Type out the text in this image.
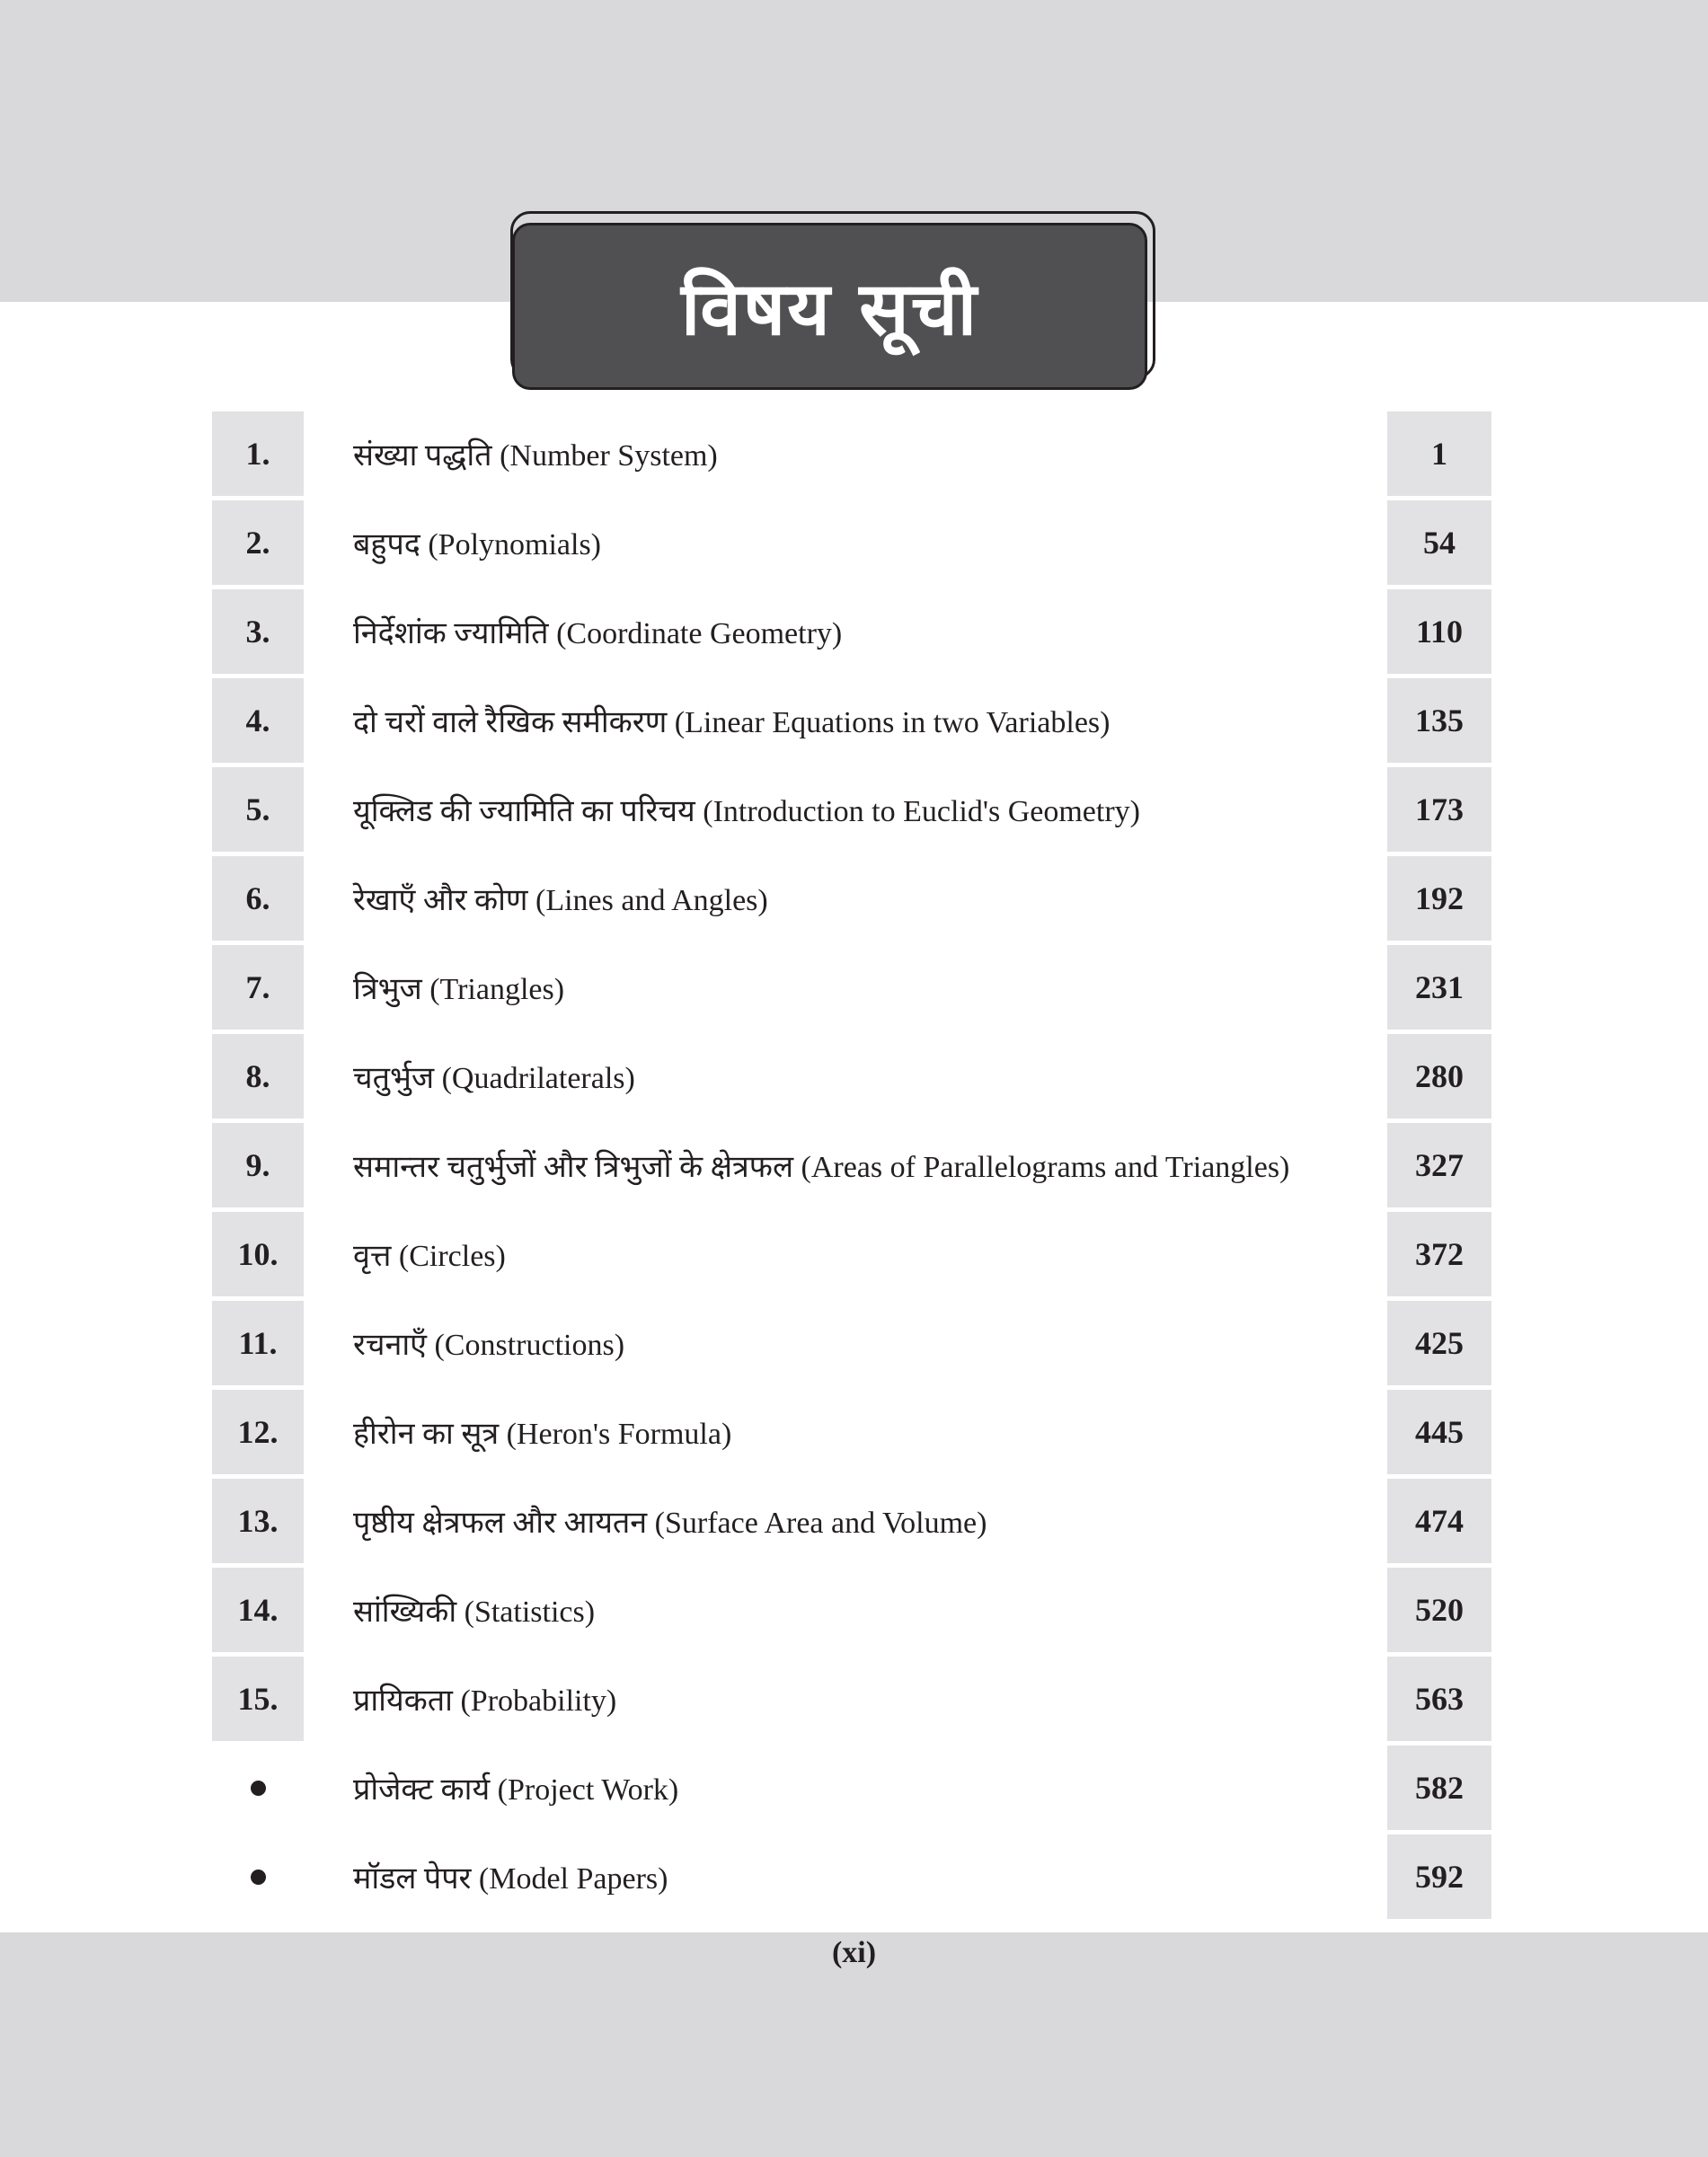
विषय सूची
1.	संख्या पद्धति (Number System)	1
2.	बहुपद (Polynomials)	54
3.	निर्देशांक ज्यामिति (Coordinate Geometry)	110
4.	दो चरों वाले रैखिक समीकरण (Linear Equations in two Variables)	135
5.	यूक्लिड की ज्यामिति का परिचय (Introduction to Euclid's Geometry)	173
6.	रेखाएँ और कोण (Lines and Angles)	192
7.	त्रिभुज (Triangles)	231
8.	चतुर्भुज (Quadrilaterals)	280
9.	समान्तर चतुर्भुजों और त्रिभुजों के क्षेत्रफल (Areas of Parallelograms and Triangles)	327
10.	वृत्त (Circles)	372
11.	रचनाएँ (Constructions)	425
12.	हीरोन का सूत्र (Heron's Formula)	445
13.	पृष्ठीय क्षेत्रफल और आयतन (Surface Area and Volume)	474
14.	सांख्यिकी (Statistics)	520
15.	प्रायिकता (Probability)	563
प्रोजेक्ट कार्य (Project Work)	582
मॉडल पेपर (Model Papers)	592
(xi)
